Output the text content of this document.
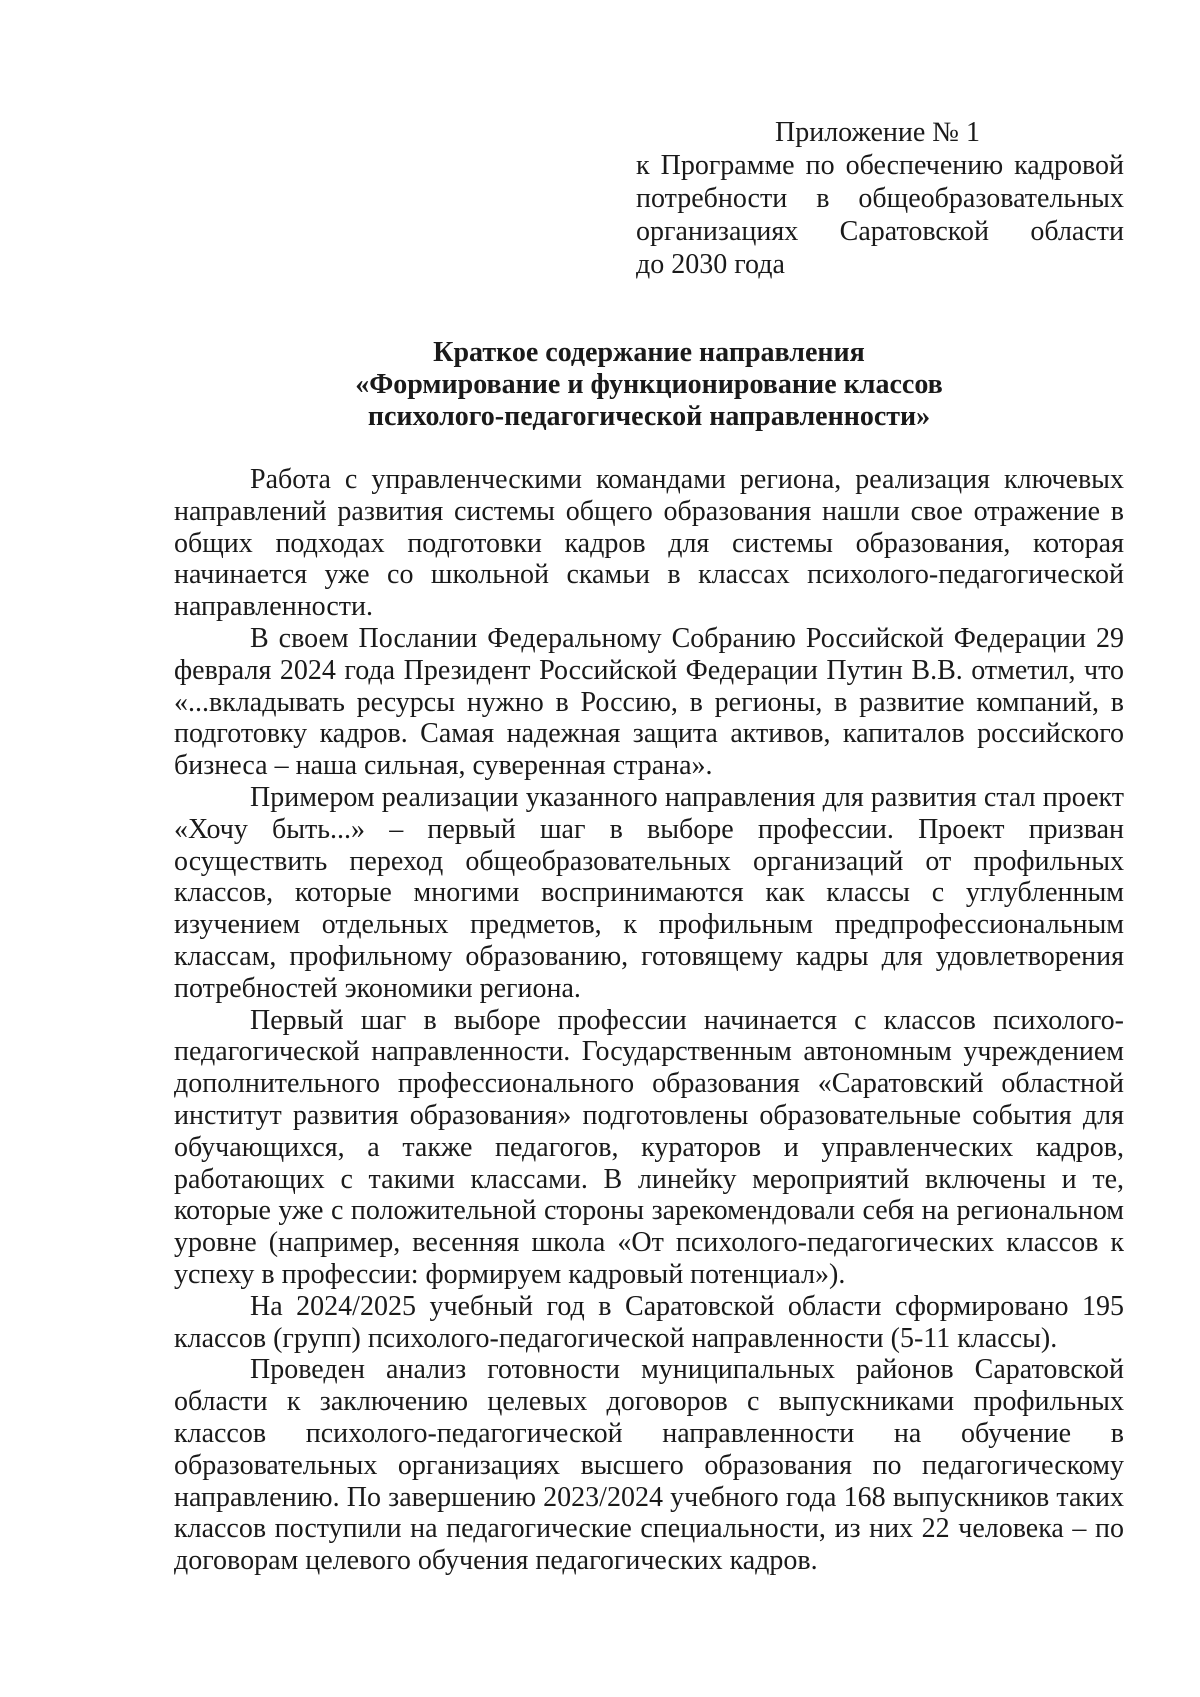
Приложение № 1

к Программе по обеспечению кадровой

потребности в общеобразовательных

организациях Саратовской области

до 2030 года

Краткое содержание направления

«Формирование и функционирование классов

психолого-педагогической направленности»

Работа с управленческими командами региона, реализация ключевых направлений развития системы общего образования нашли свое отражение в общих подходах подготовки кадров для системы образования, которая начинается уже со школьной скамьи в классах психолого-педагогической направленности.

В своем Послании Федеральному Собранию Российской Федерации 29 февраля 2024 года Президент Российской Федерации Путин В.В. отметил, что «...вкладывать ресурсы нужно в Россию, в регионы, в развитие компаний, в подготовку кадров. Самая надежная защита активов, капиталов российского бизнеса – наша сильная, суверенная страна».

Примером реализации указанного направления для развития стал проект «Хочу быть...» – первый шаг в выборе профессии. Проект призван осуществить переход общеобразовательных организаций от профильных классов, которые многими воспринимаются как классы с углубленным изучением отдельных предметов, к профильным предпрофессиональным классам, профильному образованию, готовящему кадры для удовлетворения потребностей экономики региона.

Первый шаг в выборе профессии начинается с классов психолого-педагогической направленности. Государственным автономным учреждением дополнительного профессионального образования «Саратовский областной институт развития образования» подготовлены образовательные события для обучающихся, а также педагогов, кураторов и управленческих кадров, работающих с такими классами. В линейку мероприятий включены и те, которые уже с положительной стороны зарекомендовали себя на региональном уровне (например, весенняя школа «От психолого-педагогических классов к успеху в профессии: формируем кадровый потенциал»).

На 2024/2025 учебный год в Саратовской области сформировано 195 классов (групп) психолого-педагогической направленности (5-11 классы).

Проведен анализ готовности муниципальных районов Саратовской области к заключению целевых договоров с выпускниками профильных классов психолого-педагогической направленности на обучение в образовательных организациях высшего образования по педагогическому направлению. По завершению 2023/2024 учебного года 168 выпускников таких классов поступили на педагогические специальности, из них 22 человека – по договорам целевого обучения педагогических кадров.
